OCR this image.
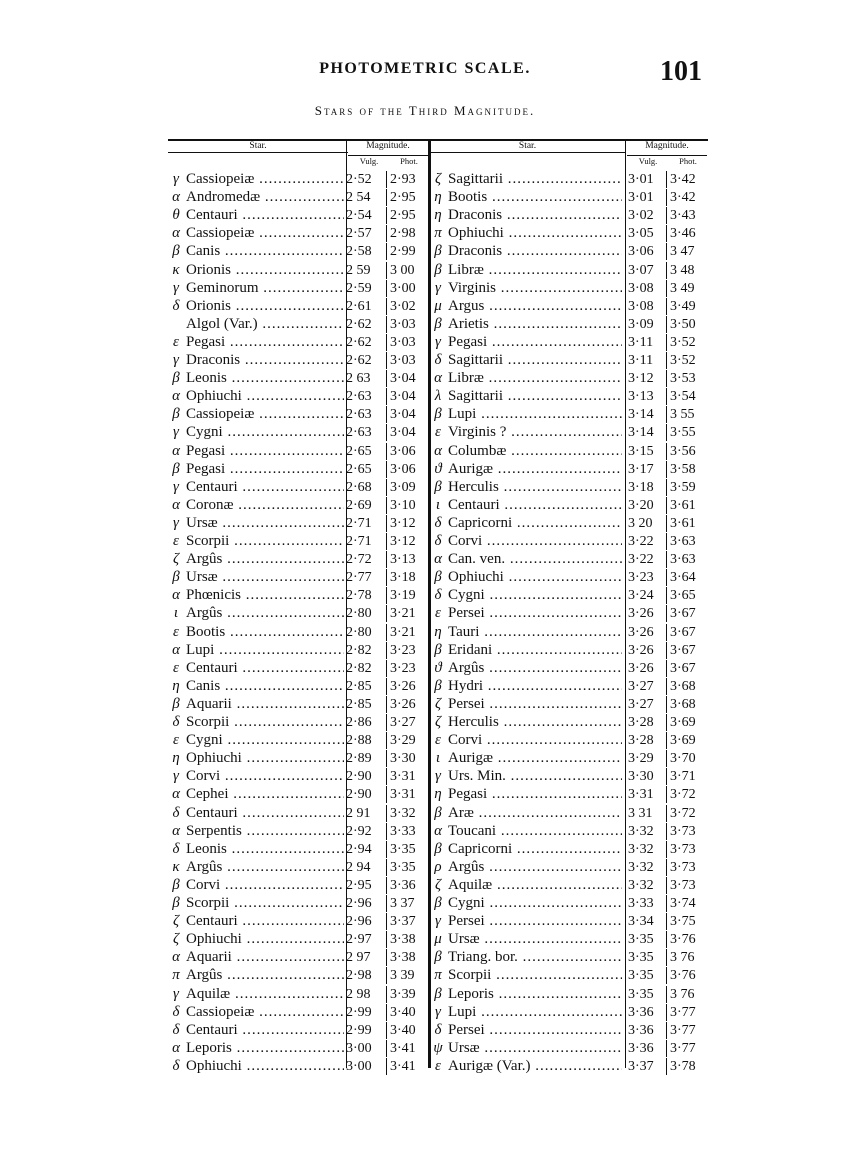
PHOTOMETRIC SCALE.	101
Stars of the Third Magnitude.
Star.	Magnitude.	Star.	Magnitude.
Vulg.	Phot.	Vulg.	Phot.
γ Cassiopeiæ .....	2·52 2·93
α Andromedæ .....	2 54 2·95
θ Centauri .....	2·54 2·95
α Cassiopeiæ .....	2·57 2·98
β Canis .....	2·58 2·99
κ Orionis .....	2 59 3 00
γ Geminorum .....	2·59 3·00
δ Orionis .....	2·61 3·02
Algol (Var.) .....	2·62 3·03
ε Pegasi .....	2·62 3·03
γ Draconis .....	2·62 3·03
β Leonis .....	2 63 3·04
α Ophiuchi .....	2·63 3·04
β Cassiopeiæ .....	2·63 3·04
γ Cygni .....	2·63 3·04
α Pegasi .....	2·65 3·06
β Pegasi .....	2·65 3·06
γ Centauri .....	2·68 3·09
α Coronæ .....	2·69 3·10
γ Ursæ .....	2·71 3·12
ε Scorpii .....	2·71 3·12
ζ Argûs .....	2·72 3·13
β Ursæ .....	2·77 3·18
α Phœnicis .....	2·78 3·19
ι Argûs .....	2·80 3·21
ε Bootis .....	2·80 3·21
α Lupi .....	2·82 3·23
ε Centauri .....	2·82 3·23
η Canis .....	2·85 3·26
β Aquarii .....	2·85 3·26
δ Scorpii .....	2·86 3·27
ε Cygni .....	2·88 3·29
η Ophiuchi .....	2·89 3·30
γ Corvi .....	2·90 3·31
α Cephei .....	2·90 3·31
δ Centauri .....	2 91 3·32
α Serpentis .....	2·92 3·33
δ Leonis .....	2·94 3·35
κ Argûs .....	2 94 3·35
β Corvi .....	2·95 3·36
β Scorpii .....	2·96 3 37
ζ Centauri .....	2·96 3·37
ζ Ophiuchi .....	2·97 3·38
α Aquarii .....	2 97 3·38
π Argûs .....	2·98 3 39
γ Aquilæ .....	2 98 3·39
δ Cassiopeiæ .....	2·99 3·40
δ Centauri .....	2·99 3·40
α Leporis .....	3·00 3·41
δ Ophiuchi .....	3·00 3·41
ζ Sagittarii .....	3·01 3·42
η Bootis .....	3·01 3·42
η Draconis .....	3·02 3·43
π Ophiuchi .....	3·05 3·46
β Draconis .....	3·06 3 47
β Libræ .....	3·07 3 48
γ Virginis .....	3·08 3 49
μ Argus .....	3·08 3·49
β Arietis .....	3·09 3·50
γ Pegasi .....	3·11 3·52
δ Sagittarii .....	3·11 3·52
α Libræ .....	3·12 3·53
λ Sagittarii .....	3·13 3·54
β Lupi .....	3·14 3 55
ε Virginis ? .....	3·14 3·55
α Columbæ .....	3·15 3·56
ϑ Aurigæ .....	3·17 3·58
β Herculis .....	3·18 3·59
ι Centauri .....	3·20 3·61
δ Capricorni .....	3 20 3·61
δ Corvi .....	3·22 3·63
α Can. ven. .....	3·22 3·63
β Ophiuchi .....	3·23 3·64
δ Cygni .....	3·24 3·65
ε Persei .....	3·26 3·67
η Tauri .....	3·26 3·67
β Eridani .....	3·26 3·67
ϑ Argûs .....	3·26 3·67
β Hydri .....	3·27 3·68
ζ Persei .....	3·27 3·68
ζ Herculis .....	3·28 3·69
ε Corvi .....	3·28 3·69
ι Aurigæ .....	3·29 3·70
γ Urs. Min. .....	3·30 3·71
η Pegasi .....	3·31 3·72
β Aræ .....	3 31 3·72
α Toucani .....	3·32 3·73
β Capricorni .....	3·32 3·73
ρ Argûs .....	3·32 3·73
ζ Aquilæ .....	3·32 3·73
β Cygni .....	3·33 3·74
γ Persei .....	3·34 3·75
μ Ursæ .....	3·35 3·76
β Triang. bor. .....	3·35 3 76
π Scorpii .....	3·35 3·76
β Leporis .....	3·35 3 76
γ Lupi .....	3·36 3·77
δ Persei .....	3·36 3·77
ψ Ursæ .....	3·36 3·77
ε Aurigæ (Var.) .....	3·37 3·78
